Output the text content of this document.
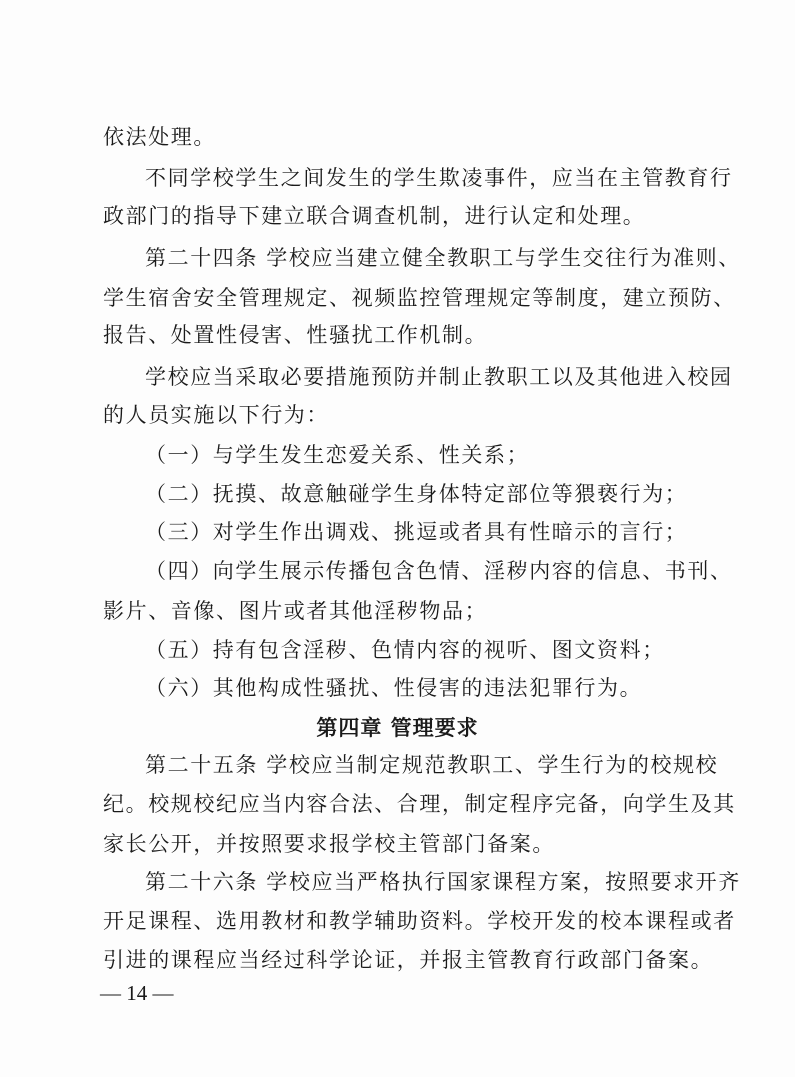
依法处理。
不同学校学生之间发生的学生欺凌事件，应当在主管教育行
政部门的指导下建立联合调查机制，进行认定和处理。
第二十四条 学校应当建立健全教职工与学生交往行为准则、
学生宿舍安全管理规定、视频监控管理规定等制度，建立预防、
报告、处置性侵害、性骚扰工作机制。
学校应当采取必要措施预防并制止教职工以及其他进入校园
的人员实施以下行为：
（一）与学生发生恋爱关系、性关系；
（二）抚摸、故意触碰学生身体特定部位等猥亵行为；
（三）对学生作出调戏、挑逗或者具有性暗示的言行；
（四）向学生展示传播包含色情、淫秽内容的信息、书刊、
影片、音像、图片或者其他淫秽物品；
（五）持有包含淫秽、色情内容的视听、图文资料；
（六）其他构成性骚扰、性侵害的违法犯罪行为。
第四章 管理要求
第二十五条 学校应当制定规范教职工、学生行为的校规校
纪。校规校纪应当内容合法、合理，制定程序完备，向学生及其
家长公开，并按照要求报学校主管部门备案。
第二十六条 学校应当严格执行国家课程方案，按照要求开齐
开足课程、选用教材和教学辅助资料。学校开发的校本课程或者
引进的课程应当经过科学论证，并报主管教育行政部门备案。
— 14 —
